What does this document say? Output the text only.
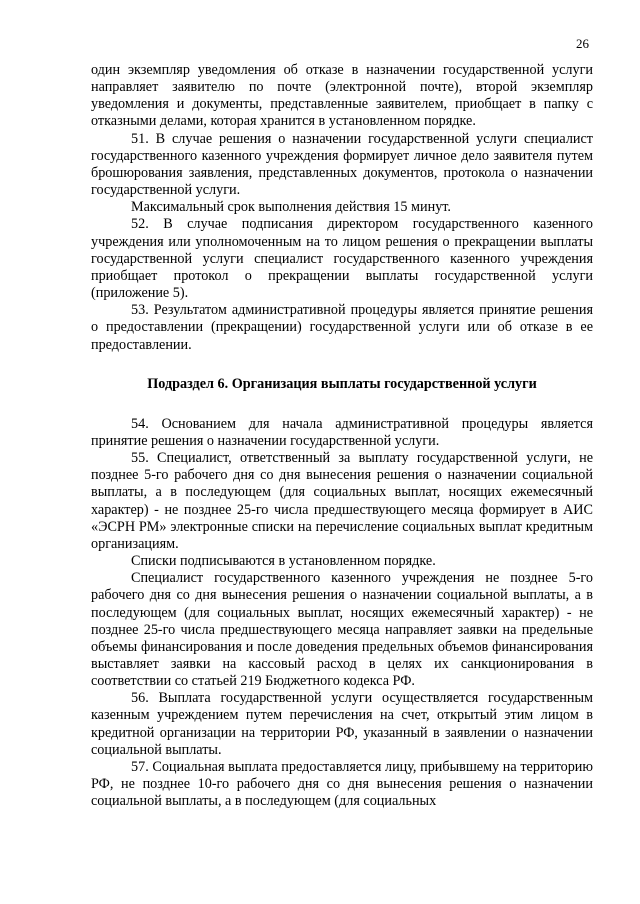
26

один экземпляр уведомления об отказе в назначении государственной услуги направляет заявителю по почте (электронной почте), второй экземпляр уведомления и документы, представленные заявителем, приобщает в папку с отказными делами, которая хранится в установленном порядке.

51. В случае решения о назначении государственной услуги специалист государственного казенного учреждения формирует личное дело заявителя путем брошюрования заявления, представленных документов, протокола о назначении государственной услуги.

Максимальный срок выполнения действия 15 минут.

52. В случае подписания директором государственного казенного учреждения или уполномоченным на то лицом решения о прекращении выплаты государственной услуги специалист государственного казенного учреждения приобщает протокол о прекращении выплаты государственной услуги (приложение 5).

53. Результатом административной процедуры является принятие решения о предоставлении (прекращении) государственной услуги или об отказе в ее предоставлении.

Подраздел 6. Организация выплаты государственной услуги

54. Основанием для начала административной процедуры является принятие решения о назначении государственной услуги.

55. Специалист, ответственный за выплату государственной услуги, не позднее 5-го рабочего дня со дня вынесения решения о назначении социальной выплаты, а в последующем (для социальных выплат, носящих ежемесячный характер) - не позднее 25-го числа предшествующего месяца формирует в АИС «ЭСРН РМ» электронные списки на перечисление социальных выплат кредитным организациям.

Списки подписываются в установленном порядке.

Специалист государственного казенного учреждения не позднее 5-го рабочего дня со дня вынесения решения о назначении социальной выплаты, а в последующем (для социальных выплат, носящих ежемесячный характер) - не позднее 25-го числа предшествующего месяца направляет заявки на предельные объемы финансирования и после доведения предельных объемов финансирования выставляет заявки на кассовый расход в целях их санкционирования в соответствии со статьей 219 Бюджетного кодекса РФ.

56. Выплата государственной услуги осуществляется государственным казенным учреждением путем перечисления на счет, открытый этим лицом в кредитной организации на территории РФ, указанный в заявлении о назначении социальной выплаты.

57. Социальная выплата предоставляется лицу, прибывшему на территорию РФ, не позднее 10-го рабочего дня со дня вынесения решения о назначении социальной выплаты, а в последующем (для социальных
